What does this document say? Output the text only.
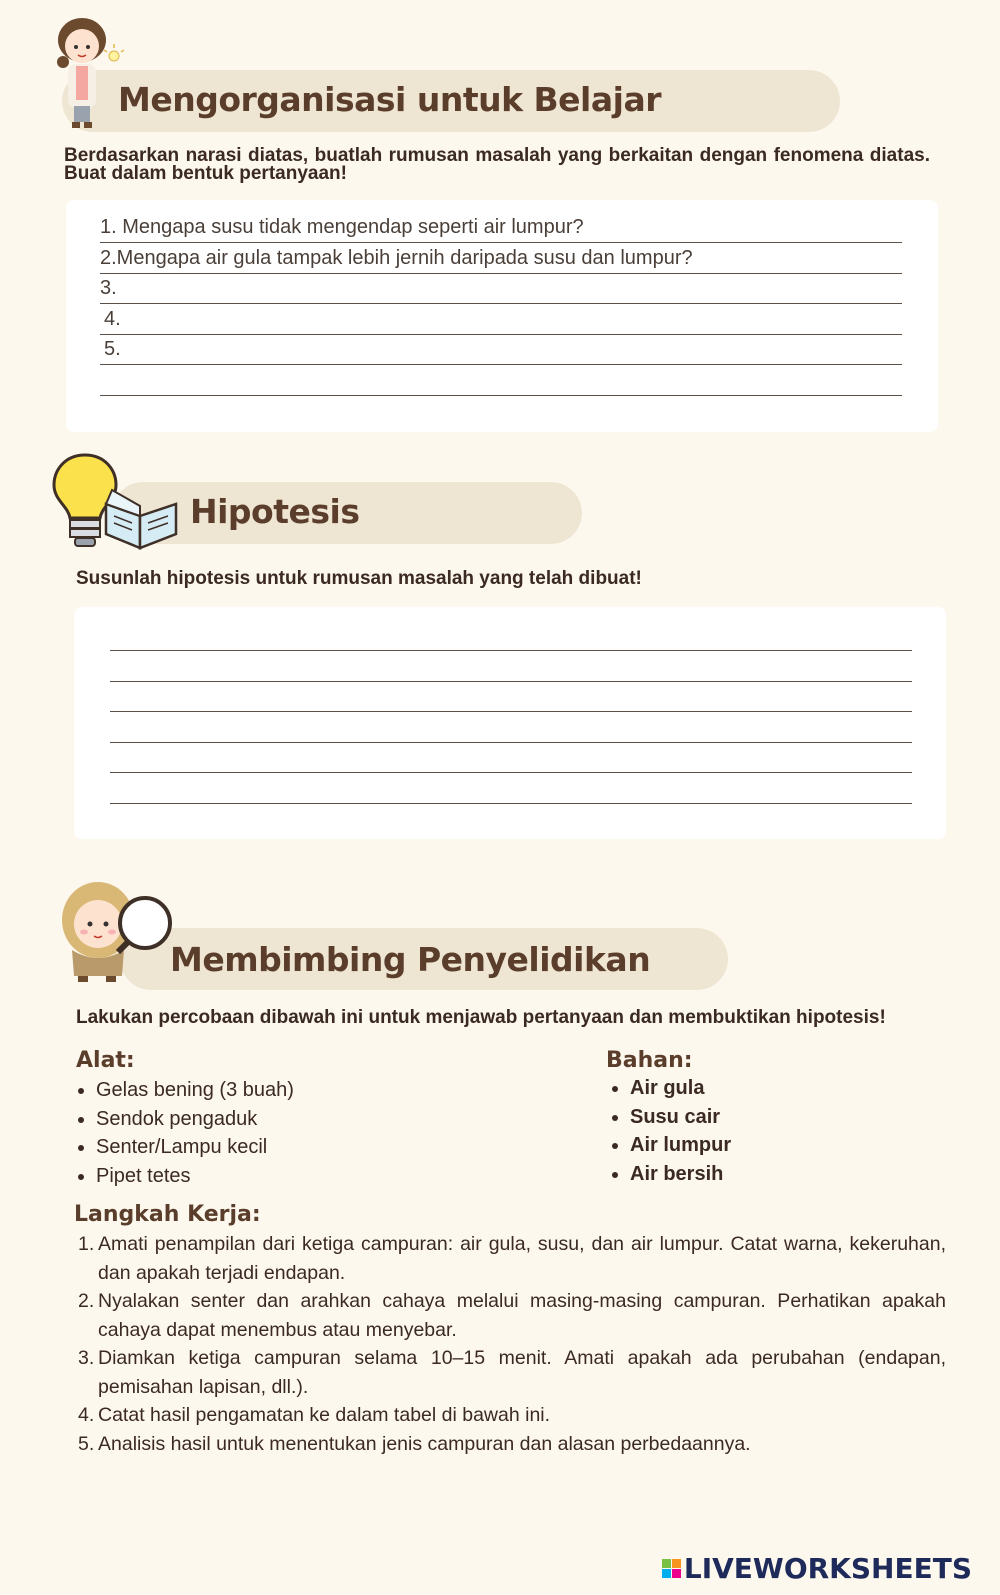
Mengorganisasi untuk Belajar
Berdasarkan narasi diatas, buatlah rumusan masalah yang berkaitan dengan fenomena diatas. Buat dalam bentuk pertanyaan!
1. Mengapa susu tidak mengendap seperti air lumpur?
2.Mengapa air gula tampak lebih jernih daripada susu dan lumpur?
3.
4.
5.
Hipotesis
Susunlah hipotesis untuk rumusan masalah yang telah dibuat!
Membimbing Penyelidikan
Lakukan percobaan dibawah ini untuk menjawab pertanyaan dan membuktikan hipotesis!
Alat:
Gelas bening (3 buah)
Sendok pengaduk
Senter/Lampu kecil
Pipet tetes
Bahan:
Air gula
Susu cair
Air lumpur
Air bersih
Langkah Kerja:
1. Amati penampilan dari ketiga campuran: air gula, susu, dan air lumpur. Catat warna, kekeruhan, dan apakah terjadi endapan.
2. Nyalakan senter dan arahkan cahaya melalui masing-masing campuran. Perhatikan apakah cahaya dapat menembus atau menyebar.
3. Diamkan ketiga campuran selama 10–15 menit. Amati apakah ada perubahan (endapan, pemisahan lapisan, dll.).
4. Catat hasil pengamatan ke dalam tabel di bawah ini.
5. Analisis hasil untuk menentukan jenis campuran dan alasan perbedaannya.
LIVEWORKSHEETS
